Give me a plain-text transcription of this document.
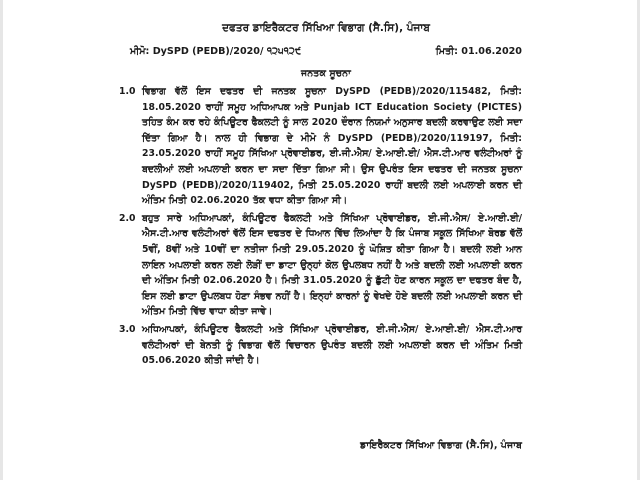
ਦਫਤਰ ਡਾਇਰੈਕਟਰ ਸਿੱਖਿਆ ਵਿਭਾਗ (ਸੈ.ਸਿ), ਪੰਜਾਬ
ਮੀਮੋ: DySPD (PEDB)/2020/ ੧੨੫੧੨੯	ਮਿਤੀ: 01.06.2020
ਜਨਤਕ ਸੂਚਨਾ
1.0 ਵਿਭਾਗ ਵੱਲੋਂ ਇਸ ਦਫਤਰ ਦੀ ਜਨਤਕ ਸੂਚਨਾ DySPD (PEDB)/2020/115482, ਮਿਤੀ: 18.05.2020 ਰਾਹੀਂ ਸਮੂਹ ਅਧਿਆਪਕ ਅਤੇ Punjab ICT Education Society (PICTES) ਤਹਿਤ ਕੰਮ ਕਰ ਰਹੇ ਕੰਪਿਊਟਰ ਫੈਕਲਟੀ ਨੂੰ ਸਾਲ 2020 ਦੌਰਾਨ ਨਿਯਮਾਂ ਅਨੁਸਾਰ ਬਦਲੀ ਕਰਵਾਉਣ ਲਈ ਸਦਾ ਦਿੱਤਾ ਗਿਆ ਹੈ। ਨਾਲ ਹੀ ਵਿਭਾਗ ਦੇ ਮੀਮੋ ਨੰ DySPD (PEDB)/2020/119197, ਮਿਤੀ: 23.05.2020 ਰਾਹੀਂ ਸਮੂਹ ਸਿੱਖਿਆ ਪ੍ਰੋਵਾਈਡਰ, ਈ.ਜੀ.ਐਸ/ ਏ.ਆਈ.ਈ/ ਐਸ.ਟੀ.ਆਰ ਵਲੰਟੀਅਰਾਂ ਨੂੰ ਬਦਲੀਆਂ ਲਈ ਅਪਲਾਈ ਕਰਨ ਦਾ ਸਦਾ ਦਿੱਤਾ ਗਿਆ ਸੀ। ਉਸ ਉਪਰੰਤ ਇਸ ਦਫਤਰ ਦੀ ਜਨਤਕ ਸੂਚਨਾ DySPD (PEDB)/2020/119402, ਮਿਤੀ 25.05.2020 ਰਾਹੀਂ ਬਦਲੀ ਲਈ ਅਪਲਾਈ ਕਰਨ ਦੀ ਅੰਤਿਮ ਮਿਤੀ 02.06.2020 ਤੱਕ ਵਧਾ ਕੀਤਾ ਗਿਆ ਸੀ।
2.0 ਬਹੁਤ ਸਾਰੇ ਅਧਿਆਪਕਾਂ, ਕੰਪਿਊਟਰ ਫੈਕਲਟੀ ਅਤੇ ਸਿੱਖਿਆ ਪ੍ਰੋਵਾਈਡਰ, ਈ.ਜੀ.ਐਸ/ ਏ.ਆਈ.ਈ/ ਐਸ.ਟੀ.ਆਰ ਵਲੰਟੀਅਰਾਂ ਵੱਲੋਂ ਇਸ ਦਫਤਰ ਦੇ ਧਿਆਨ ਵਿੱਚ ਲਿਆਂਦਾ ਹੈ ਕਿ ਪੰਜਾਬ ਸਕੂਲ ਸਿੱਖਿਆ ਬੋਰਡ ਵੱਲੋਂ 5ਵੀਂ, 8ਵੀਂ ਅਤੇ 10ਵੀਂ ਦਾ ਨਤੀਜਾ ਮਿਤੀ 29.05.2020 ਨੂੰ ਘੋਸ਼ਿਤ ਕੀਤਾ ਗਿਆ ਹੈ। ਬਦਲੀ ਲਈ ਆਨ ਲਾਇਨ ਅਪਲਾਈ ਕਰਨ ਲਈ ਲੋੜੀਂ ਦਾ ਡਾਟਾ ਉਨ੍ਹਾਂ ਕੋਲ ਉਪਲਬਧ ਨਹੀਂ ਹੈ ਅਤੇ ਬਦਲੀ ਲਈ ਅਪਲਾਈ ਕਰਨ ਦੀ ਅੰਤਿਮ ਮਿਤੀ 02.06.2020 ਹੈ। ਮਿਤੀ 31.05.2020 ਨੂੰ ਛੁੱਟੀ ਹੋਣ ਕਾਰਨ ਸਕੂਲ ਦਾ ਦਫਤਰ ਬੰਦ ਹੈ, ਇਸ ਲਈ ਡਾਟਾ ਉਪਲਬਧ ਹੋਣਾ ਸੰਭਵ ਨਹੀਂ ਹੈ। ਇਨ੍ਹਾਂ ਕਾਰਨਾਂ ਨੂੰ ਵੇਖਦੇ ਹੋਏ ਬਦਲੀ ਲਈ ਅਪਲਾਈ ਕਰਨ ਦੀ ਅੰਤਿਮ ਮਿਤੀ ਵਿੱਚ ਵਾਧਾ ਕੀਤਾ ਜਾਵੇ।
3.0 ਅਧਿਆਪਕਾਂ, ਕੰਪਿਊਟਰ ਫੈਕਲਟੀ ਅਤੇ ਸਿੱਖਿਆ ਪ੍ਰੋਵਾਈਡਰ, ਈ.ਜੀ.ਐਸ/ ਏ.ਆਈ.ਈ/ ਐਸ.ਟੀ.ਆਰ ਵਲੰਟੀਅਰਾਂ ਦੀ ਬੇਨਤੀ ਨੂੰ ਵਿਭਾਗ ਵੱਲੋਂ ਵਿਚਾਰਨ ਉਪਰੰਤ ਬਦਲੀ ਲਈ ਅਪਲਾਈ ਕਰਨ ਦੀ ਅੰਤਿਮ ਮਿਤੀ 05.06.2020 ਕੀਤੀ ਜਾਂਦੀ ਹੈ।
ਡਾਇਰੈਕਟਰ ਸਿੱਖਿਆ ਵਿਭਾਗ (ਸੈ.ਸਿ), ਪੰਜਾਬ
